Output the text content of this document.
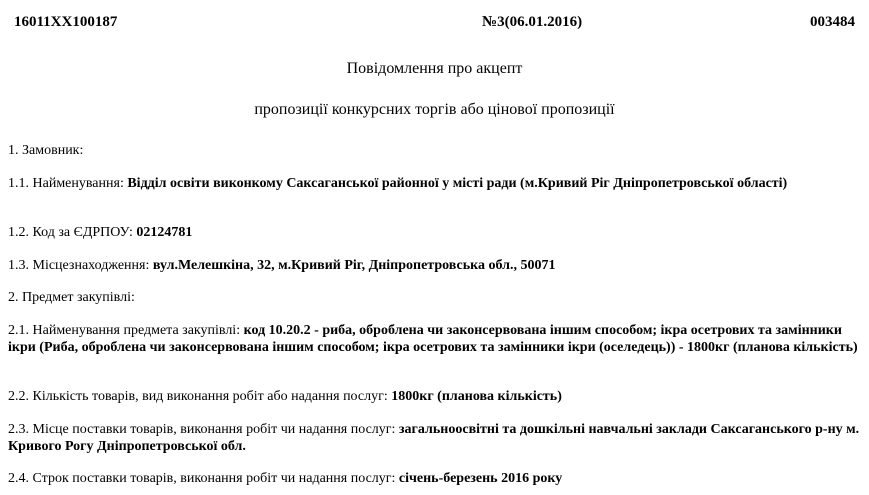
16011XX100187	№3(06.01.2016)	003484
Повідомлення про акцепт
пропозиції конкурсних торгів або цінової пропозиції
1. Замовник:
1.1. Найменування: Відділ освіти виконкому Саксаганської районної у місті ради (м.Кривий Ріг Дніпропетровської області)
1.2. Код за ЄДРПОУ: 02124781
1.3. Місцезнаходження: вул.Мелешкіна, 32, м.Кривий Ріг, Дніпропетровська обл., 50071
2. Предмет закупівлі:
2.1. Найменування предмета закупівлі: код 10.20.2 - риба, оброблена чи законсервована іншим способом; ікра осетрових та замінники ікри (Риба, оброблена чи законсервована іншим способом; ікра осетрових та замінники ікри (оселедець)) - 1800кг (планова кількість)
2.2. Кількість товарів, вид виконання робіт або надання послуг: 1800кг (планова кількість)
2.3. Місце поставки товарів, виконання робіт чи надання послуг: загальноосвітні та дошкільні навчальні заклади Саксаганського р-ну м. Кривого Рогу Дніпропетровської обл.
2.4. Строк поставки товарів, виконання робіт чи надання послуг: січень-березень 2016 року
